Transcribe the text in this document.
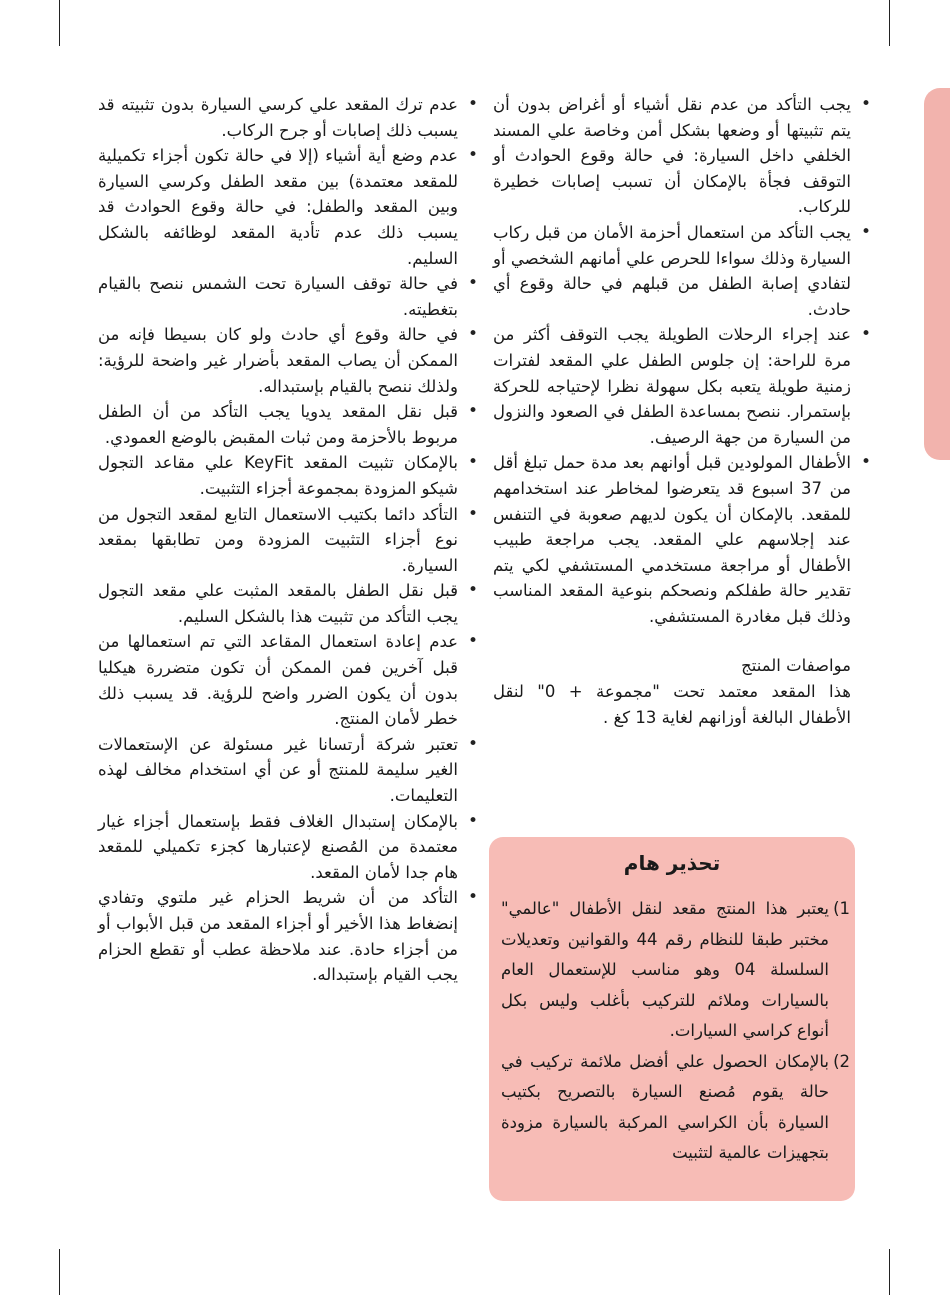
• يجب التأكد من عدم نقل أشياء أو أغراض بدون أن يتم تثبيتها أو وضعها بشكل أمن وخاصة علي المسند الخلفي داخل السيارة: في حالة وقوع الحوادث أو التوقف فجأة بالإمكان أن تسبب إصابات خطيرة للركاب.
• يجب التأكد من استعمال أحزمة الأمان من قبل ركاب السيارة وذلك سواءا للحرص علي أمانهم الشخصي أو لتفادي إصابة الطفل من قبلهم في حالة وقوع أي حادث.
• عند إجراء الرحلات الطويلة يجب التوقف أكثر من مرة للراحة: إن جلوس الطفل علي المقعد لفترات زمنية طويلة يتعبه بكل سهولة نظرا لإحتياجه للحركة بإستمرار. ننصح بمساعدة الطفل في الصعود والنزول من السيارة من جهة الرصيف.
• الأطفال المولودين قبل أوانهم بعد مدة حمل تبلغ أقل من 37 اسبوع قد يتعرضوا لمخاطر عند استخدامهم للمقعد. بالإمكان أن يكون لديهم صعوبة في التنفس عند إجلاسهم علي المقعد. يجب مراجعة طبيب الأطفال أو مراجعة مستخدمي المستشفي لكي يتم تقدير حالة طفلكم ونصحكم بنوعية المقعد المناسب وذلك قبل مغادرة المستشفي.

مواصفات المنتج

هذا المقعد معتمد تحت "مجموعة + 0" لنقل الأطفال البالغة أوزانهم لغاية 13 كغ .

تحذير هام
1)
يعتبر هذا المنتج مقعد لنقل الأطفال "عالمي" مختبر طبقا للنظام رقم 44 والقوانين وتعديلات السلسلة 04 وهو مناسب للإستعمال العام بالسيارات وملائم للتركيب بأغلب وليس بكل أنواع كراسي السيارات.
2)
بالإمكان الحصول علي أفضل ملائمة تركيب في حالة يقوم مُصنع السيارة بالتصريح بكتيب السيارة بأن الكراسي المركبة بالسيارة مزودة بتجهيزات عالمية لتثبيت
• عدم ترك المقعد علي كرسي السيارة بدون تثبيته قد يسبب ذلك إصابات أو جرح الركاب.
• عدم وضع أية أشياء (إلا في حالة تكون أجزاء تكميلية للمقعد معتمدة) بين مقعد الطفل وكرسي السيارة وبين المقعد والطفل: في حالة وقوع الحوادث قد يسبب ذلك عدم تأدية المقعد لوظائفه بالشكل السليم.
• في حالة توقف السيارة تحت الشمس ننصح بالقيام بتغطيته.
• في حالة وقوع أي حادث ولو كان بسيطا فإنه من الممكن أن يصاب المقعد بأضرار غير واضحة للرؤية: ولذلك ننصح بالقيام بإستبداله.
• قبل نقل المقعد يدويا يجب التأكد من أن الطفل مربوط بالأحزمة ومن ثبات المقبض بالوضع العمودي.
• بالإمكان تثبيت المقعد KeyFit علي مقاعد التجول شيكو المزودة بمجموعة أجزاء التثبيت.
• التأكد دائما بكتيب الاستعمال التابع لمقعد التجول من نوع أجزاء التثبيت المزودة ومن تطابقها بمقعد السيارة.
• قبل نقل الطفل بالمقعد المثبت علي مقعد التجول يجب التأكد من تثبيت هذا بالشكل السليم.
• عدم إعادة استعمال المقاعد التي تم استعمالها من قبل آخرين فمن الممكن أن تكون متضررة هيكليا بدون أن يكون الضرر واضح للرؤية. قد يسبب ذلك خطر لأمان المنتج.
• تعتبر شركة أرتسانا غير مسئولة عن الإستعمالات الغير سليمة للمنتج أو عن أي استخدام مخالف لهذه التعليمات.
• بالإمكان إستبدال الغلاف فقط بإستعمال أجزاء غيار معتمدة من المُصنع لإعتبارها كجزء تكميلي للمقعد هام جدا لأمان المقعد.
• التأكد من أن شريط الحزام غير ملتوي وتفادي إنضغاط هذا الأخير أو أجزاء المقعد من قبل الأبواب أو من أجزاء حادة. عند ملاحظة عطب أو تقطع الحزام يجب القيام بإستبداله.
